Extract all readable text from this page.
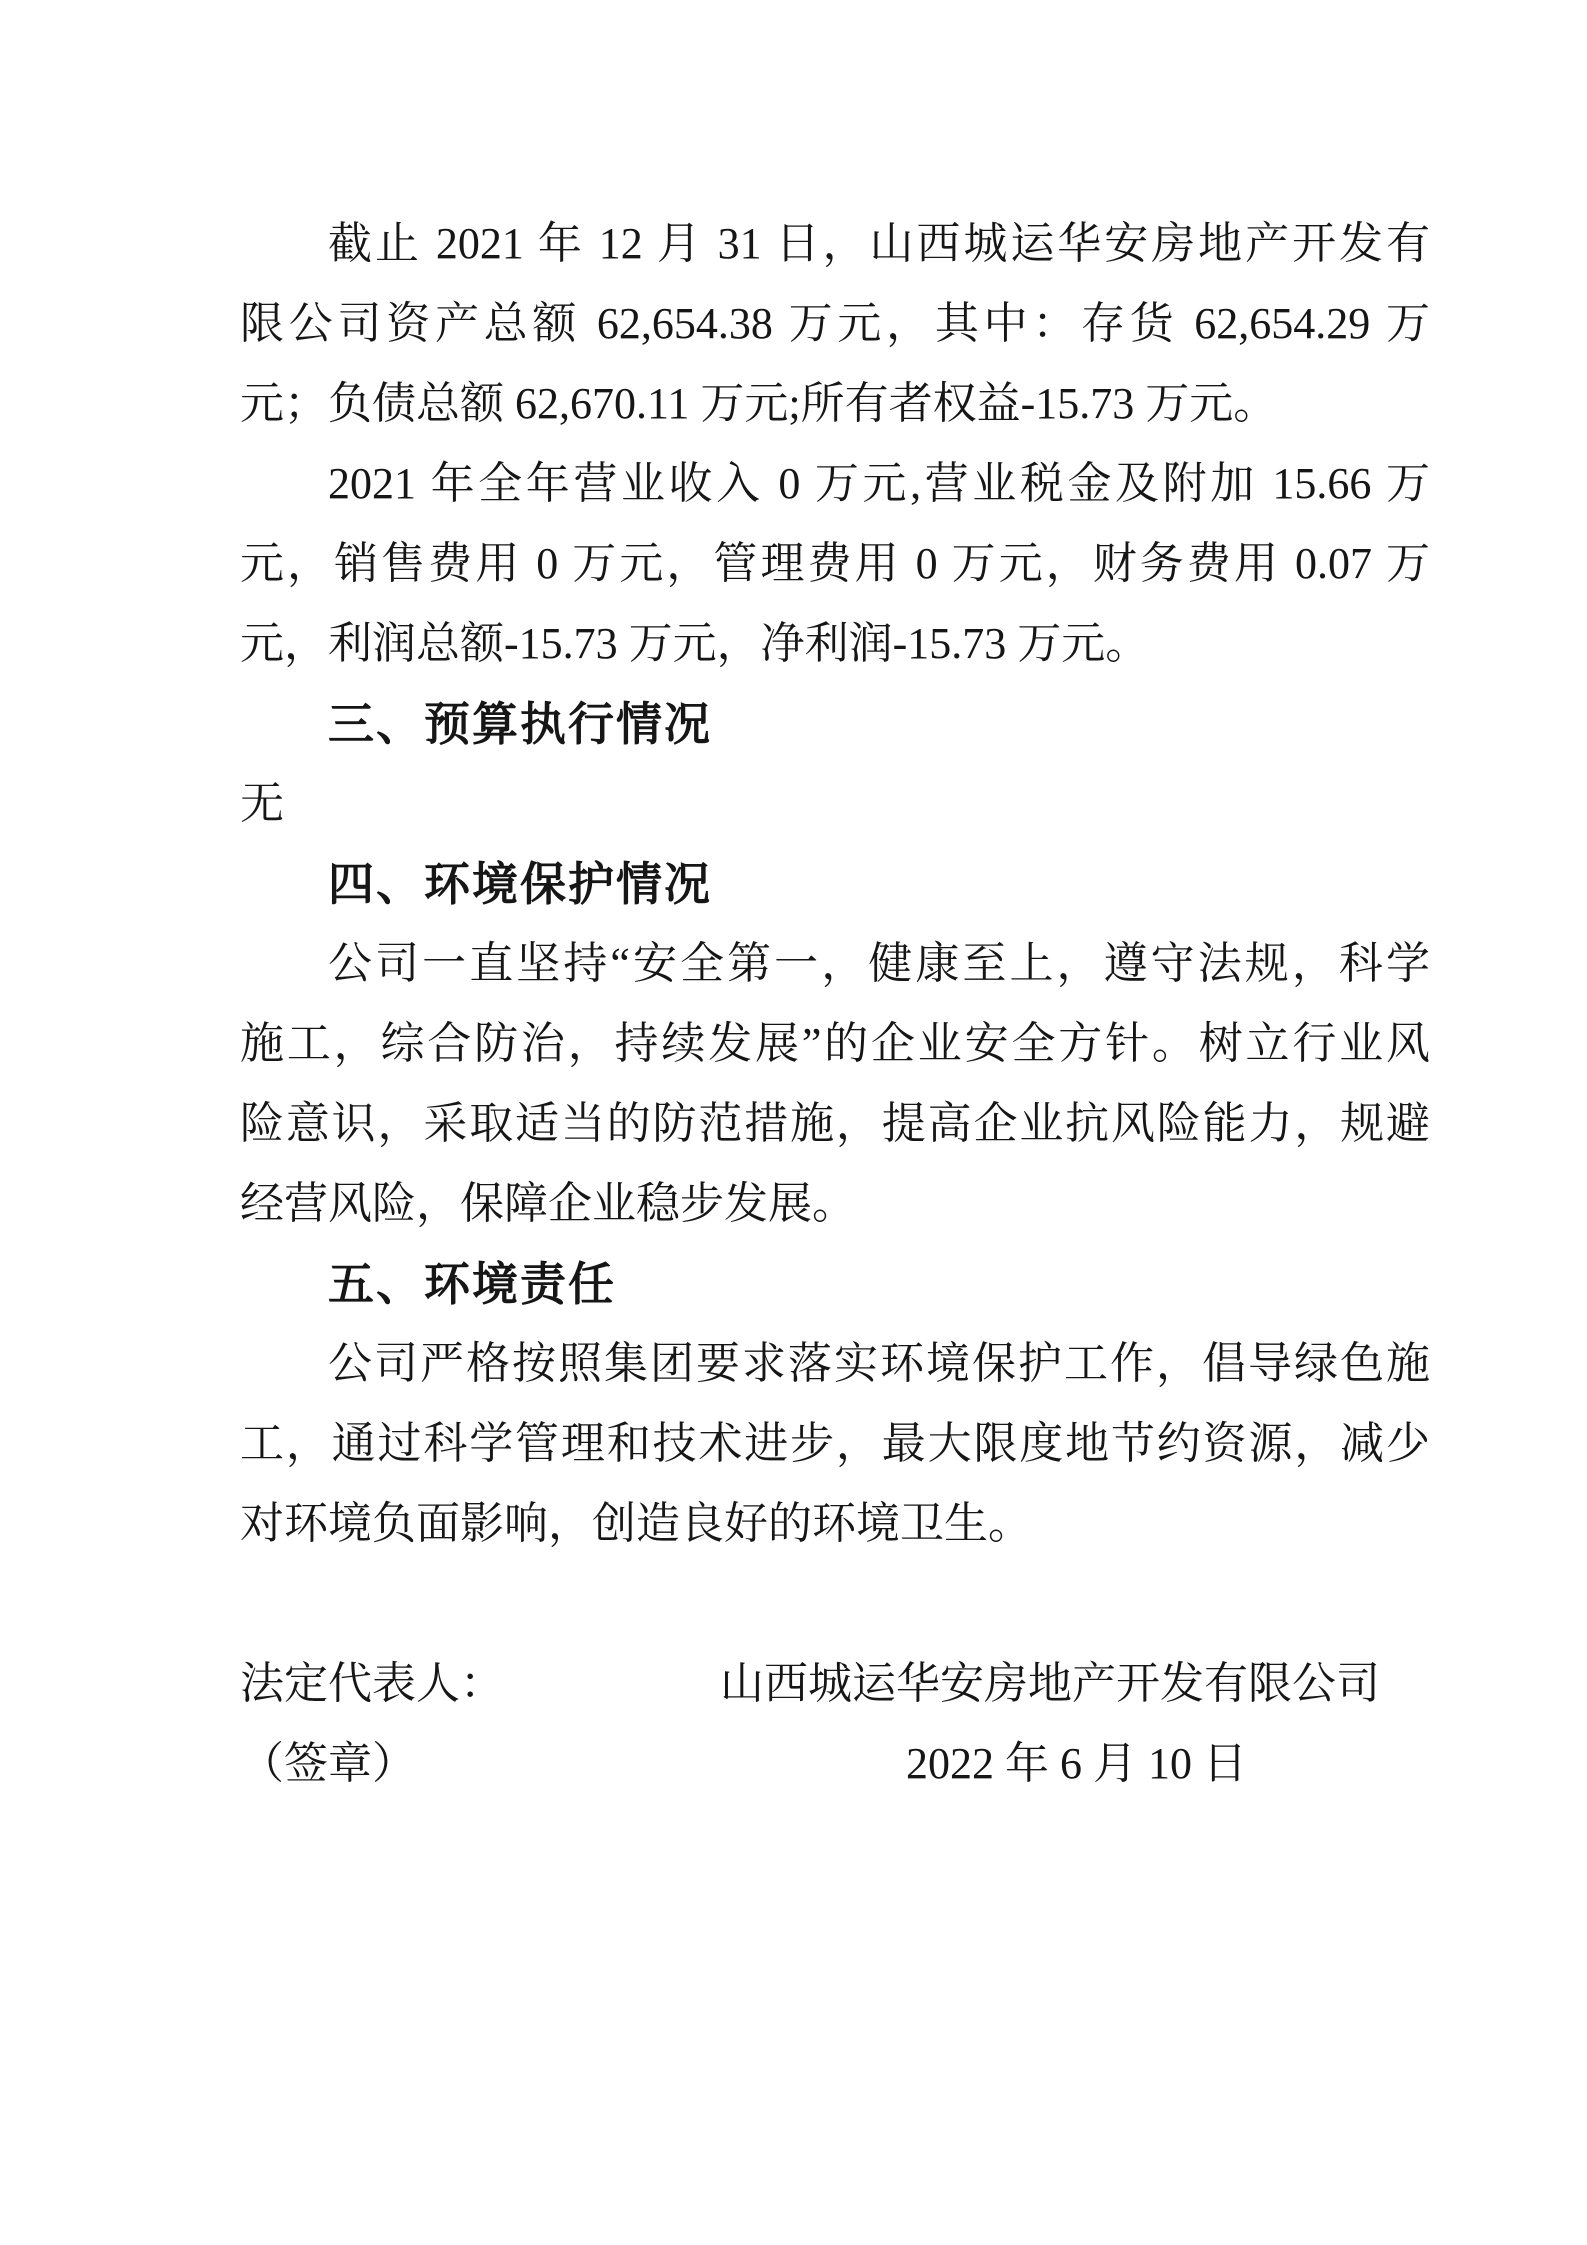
截止 2021 年 12 月 31 日，山西城运华安房地产开发有
限公司资产总额 62,654.38 万元，其中：存货 62,654.29 万
元；负债总额 62,670.11 万元;所有者权益-15.73 万元。
2021 年全年营业收入 0 万元,营业税金及附加 15.66 万
元，销售费用 0 万元，管理费用 0 万元，财务费用 0.07 万
元，利润总额-15.73 万元，净利润-15.73 万元。
三、预算执行情况
无
四、环境保护情况
公司一直坚持“安全第一，健康至上，遵守法规，科学
施工，综合防治，持续发展”的企业安全方针。树立行业风
险意识，采取适当的防范措施，提高企业抗风险能力，规避
经营风险，保障企业稳步发展。
五、环境责任
公司严格按照集团要求落实环境保护工作，倡导绿色施
工，通过科学管理和技术进步，最大限度地节约资源，减少
对环境负面影响，创造良好的环境卫生。
法定代表人：	山西城运华安房地产开发有限公司
（签章）	2022 年 6 月 10 日
